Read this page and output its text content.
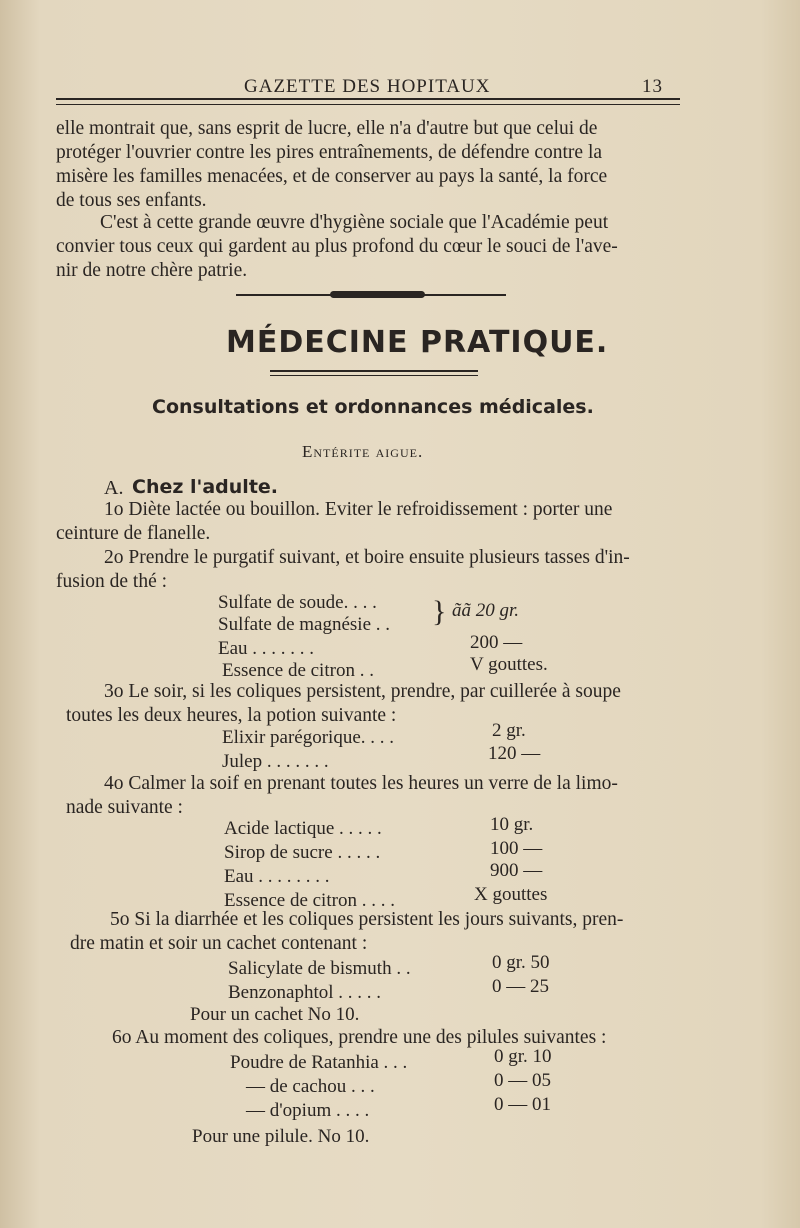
GAZETTE DES HOPITAUX	13
elle montrait que, sans esprit de lucre, elle n'a d'autre but que celui de
protéger l'ouvrier contre les pires entraînements, de défendre contre la
misère les familles menacées, et de conserver au pays la santé, la force
de tous ses enfants.
C'est à cette grande œuvre d'hygiène sociale que l'Académie peut
convier tous ceux qui gardent au plus profond du cœur le souci de l'ave-
nir de notre chère patrie.
MÉDECINE PRATIQUE.
Consultations et ordonnances médicales.
Entérite aigue.
A. Chez l'adulte.
1o Diète lactée ou bouillon. Eviter le refroidissement : porter une
ceinture de flanelle.
2o Prendre le purgatif suivant, et boire ensuite plusieurs tasses d'in-
fusion de thé :
Sulfate de soude. . . .
Sulfate de magnésie . . } ãã 20 gr.
Eau . . . . . . .	200 —
Essence de citron . .	V gouttes.
3o Le soir, si les coliques persistent, prendre, par cuillerée à soupe
toutes les deux heures, la potion suivante :
Elixir parégorique. . . .	2 gr.
Julep . . . . . . .	120 —
4o Calmer la soif en prenant toutes les heures un verre de la limo-
nade suivante :
Acide lactique . . . . .	10 gr.
Sirop de sucre . . . . .	100 —
Eau . . . . . . . .	900 —
Essence de citron . . . .	X gouttes
5o Si la diarrhée et les coliques persistent les jours suivants, pren-
dre matin et soir un cachet contenant :
Salicylate de bismuth . .	0 gr. 50
Benzonaphtol . . . . .	0 — 25
Pour un cachet No 10.
6o Au moment des coliques, prendre une des pilules suivantes :
Poudre de Ratanhia . . .	0 gr. 10
— de cachou . . .	0 — 05
— d'opium . . . .	0 — 01
Pour une pilule. No 10.
